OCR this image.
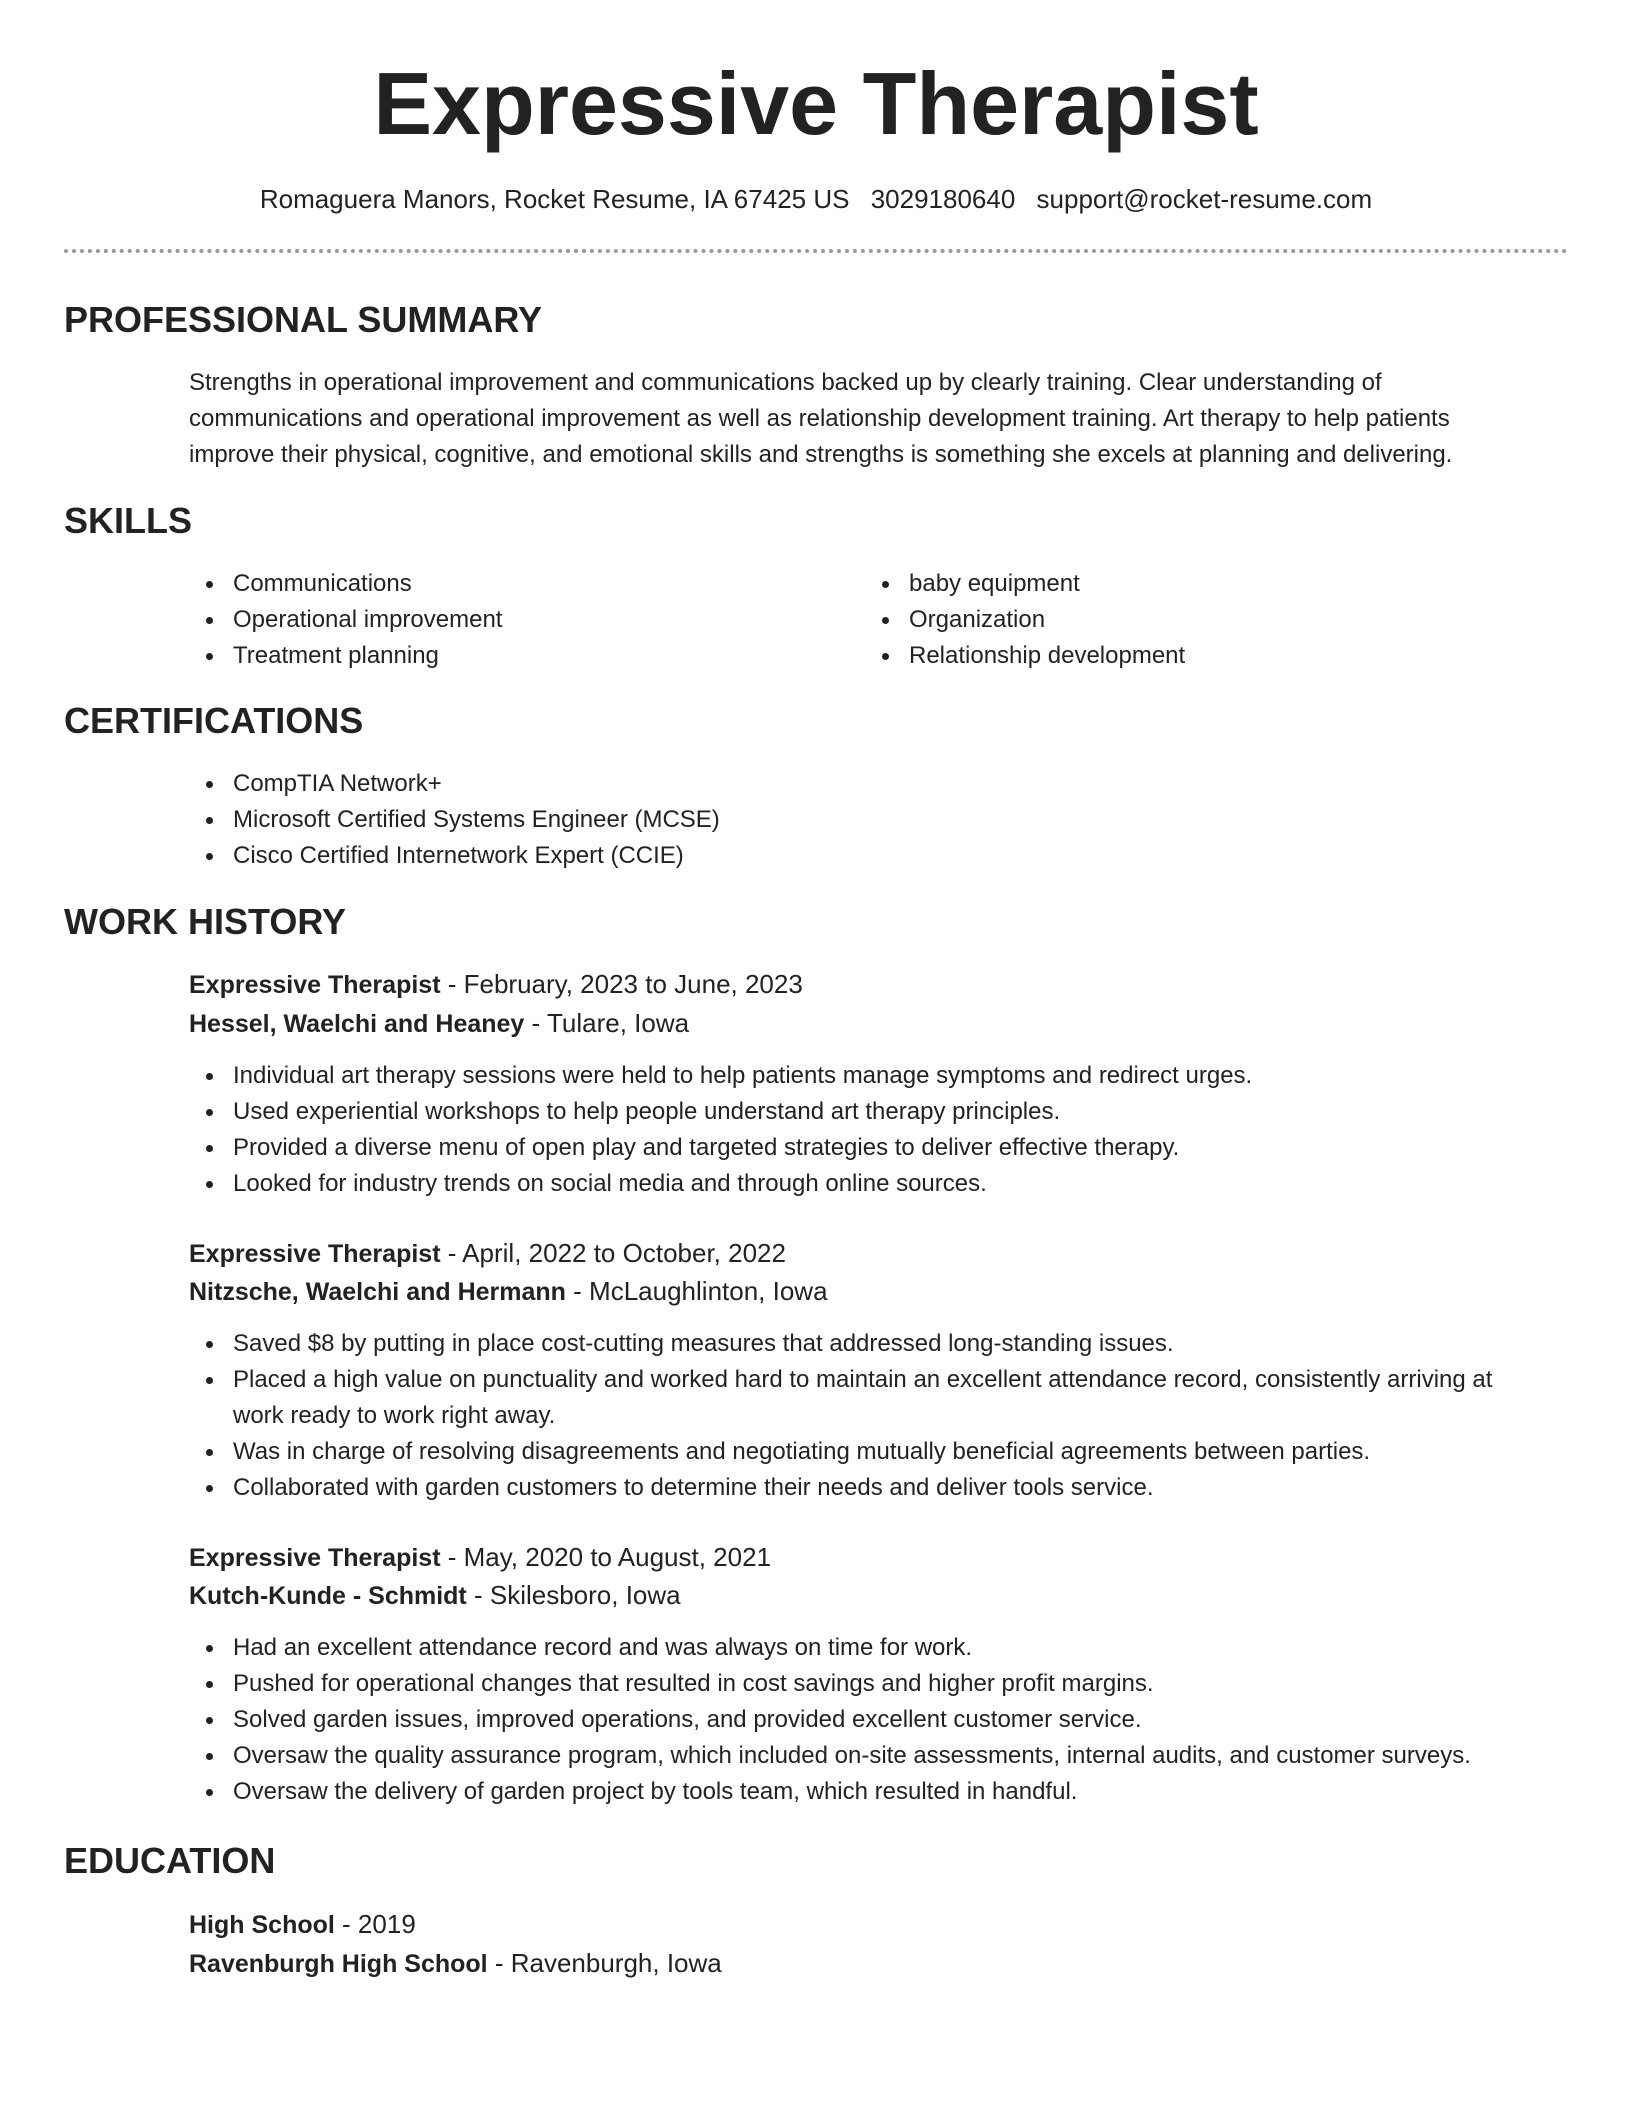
Expressive Therapist
Romaguera Manors, Rocket Resume, IA 67425 US 3029180640 support@rocket-resume.com
PROFESSIONAL SUMMARY

Strengths in operational improvement and communications backed up by clearly training. Clear understanding of communications and operational improvement as well as relationship development training. Art therapy to help patients improve their physical, cognitive, and emotional skills and strengths is something she excels at planning and delivering.

SKILLS
Communications
Operational improvement
Treatment planning
baby equipment
Organization
Relationship development
CERTIFICATIONS
CompTIA Network+
Microsoft Certified Systems Engineer (MCSE)
Cisco Certified Internetwork Expert (CCIE)
WORK HISTORY
Expressive Therapist - February, 2023 to June, 2023
Hessel, Waelchi and Heaney - Tulare, Iowa
Individual art therapy sessions were held to help patients manage symptoms and redirect urges.
Used experiential workshops to help people understand art therapy principles.
Provided a diverse menu of open play and targeted strategies to deliver effective therapy.
Looked for industry trends on social media and through online sources.
Expressive Therapist - April, 2022 to October, 2022
Nitzsche, Waelchi and Hermann - McLaughlinton, Iowa
Saved $8 by putting in place cost-cutting measures that addressed long-standing issues.
Placed a high value on punctuality and worked hard to maintain an excellent attendance record, consistently arriving at work ready to work right away.
Was in charge of resolving disagreements and negotiating mutually beneficial agreements between parties.
Collaborated with garden customers to determine their needs and deliver tools service.
Expressive Therapist - May, 2020 to August, 2021
Kutch-Kunde - Schmidt - Skilesboro, Iowa
Had an excellent attendance record and was always on time for work.
Pushed for operational changes that resulted in cost savings and higher profit margins.
Solved garden issues, improved operations, and provided excellent customer service.
Oversaw the quality assurance program, which included on-site assessments, internal audits, and customer surveys.
Oversaw the delivery of garden project by tools team, which resulted in handful.
EDUCATION
High School - 2019
Ravenburgh High School - Ravenburgh, Iowa
